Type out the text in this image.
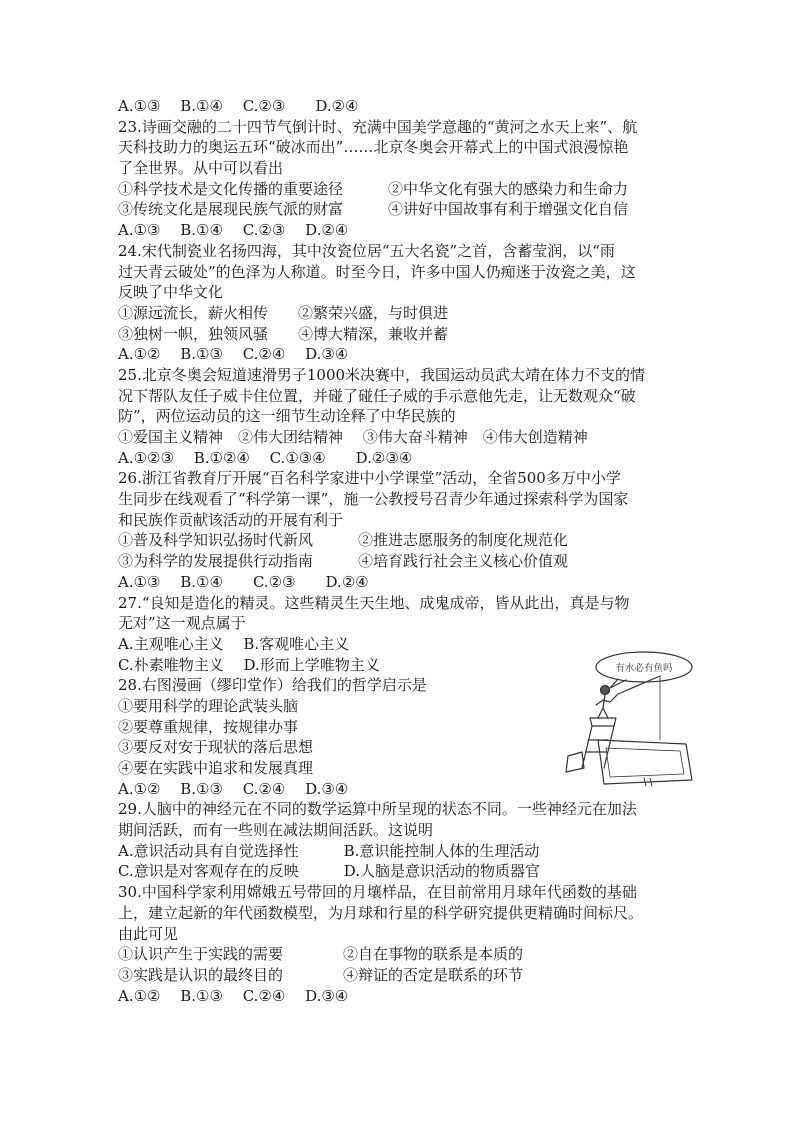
A.①③　 B.①④　 C.②③　　D.②④
23.诗画交融的二十四节气倒计时、充满中国美学意趣的“黄河之水天上来”、航
天科技助力的奥运五环“破冰而出”……北京冬奥会开幕式上的中国式浪漫惊艳
了全世界。从中可以看出
①科学技术是文化传播的重要途径　　　②中华文化有强大的感染力和生命力
③传统文化是展现民族气派的财富　　　④讲好中国故事有利于增强文化自信
A.①③　 B.①④　 C.②③　 D.②④
24.宋代制瓷业名扬四海，其中汝瓷位居“五大名瓷”之首，含蓄莹润，以“雨
过天青云破处”的色泽为人称道。时至今日，许多中国人仍痴迷于汝瓷之美，这
反映了中华文化
①源远流长，薪火相传　　②繁荣兴盛，与时俱进
③独树一帜，独领风骚　　④博大精深，兼收并蓄
A.①②　 B.①③　 C.②④　 D.③④
25.北京冬奥会短道速滑男子1000米决赛中，我国运动员武大靖在体力不支的情
况下帮队友任子威卡住位置，并碰了碰任子威的手示意他先走，让无数观众“破
防”，两位运动员的这一细节生动诠释了中华民族的
①爱国主义精神　②伟大团结精神　 ③伟大奋斗精神　④伟大创造精神
A.①②③　 B.①②④　 C.①③④　　D.②③④
26.浙江省教育厅开展“百名科学家进中小学课堂”活动，全省500多万中小学
生同步在线观看了“科学第一课”，施一公教授号召青少年通过探索科学为国家
和民族作贡献该活动的开展有利于
①普及科学知识弘扬时代新风　　　②推进志愿服务的制度化规范化
③为科学的发展提供行动指南　　　④培育践行社会主义核心价值观
A.①③　 B.①④　　C.②③　　D.②④
27.“良知是造化的精灵。这些精灵生天生地、成鬼成帝，皆从此出，真是与物
无对”这一观点属于
A.主观唯心主义　 B.客观唯心主义
C.朴素唯物主义　 D.形而上学唯物主义
28.右图漫画（缪印堂作）给我们的哲学启示是
①要用科学的理论武装头脑
②要尊重规律，按规律办事
③要反对安于现状的落后思想
④要在实践中追求和发展真理
A.①②　 B.①③　 C.②④　 D.③④
29.人脑中的神经元在不同的数学运算中所呈现的状态不同。一些神经元在加法
期间活跃，而有一些则在减法期间活跃。这说明
A.意识活动具有自觉选择性　　　B.意识能控制人体的生理活动
C.意识是对客观存在的反映　　　D.人脑是意识活动的物质器官
30.中国科学家利用嫦娥五号带回的月壤样品，在目前常用月球年代函数的基础
上，建立起新的年代函数模型，为月球和行星的科学研究提供更精确时间标尺。
由此可见
①认识产生于实践的需要　　　　②自在事物的联系是本质的
③实践是认识的最终目的　　　　④辩证的否定是联系的环节
A.①②　 B.①③　 C.②④　 D.③④
有水必有鱼吗
